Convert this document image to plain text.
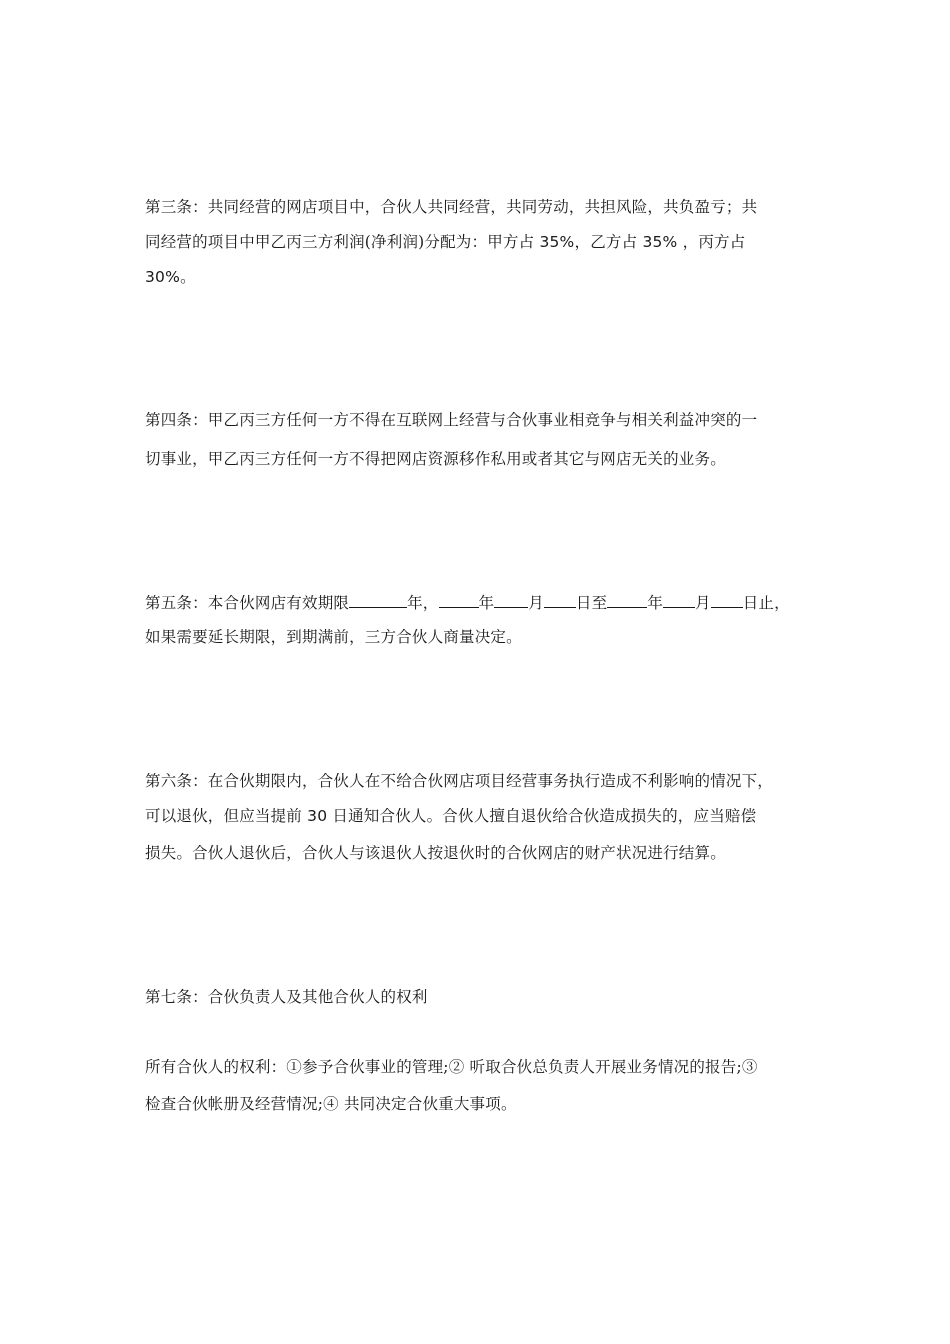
第三条：共同经营的网店项目中，合伙人共同经营，共同劳动，共担风险，共负盈亏；共
同经营的项目中甲乙丙三方利润(净利润)分配为：甲方占 35%，乙方占 35% ，丙方占
30%。
第四条：甲乙丙三方任何一方不得在互联网上经营与合伙事业相竞争与相关利益冲突的一
切事业，甲乙丙三方任何一方不得把网店资源移作私用或者其它与网店无关的业务。
第五条：本合伙网店有效期限	年，	年 月 日至	年 月 日止，
如果需要延长期限，到期满前，三方合伙人商量决定。
第六条：在合伙期限内，合伙人在不给合伙网店项目经营事务执行造成不利影响的情况下，
可以退伙，但应当提前 30 日通知合伙人。合伙人擅自退伙给合伙造成损失的，应当赔偿
损失。合伙人退伙后，合伙人与该退伙人按退伙时的合伙网店的财产状况进行结算。
第七条：合伙负责人及其他合伙人的权利
所有合伙人的权利：①参予合伙事业的管理;② 听取合伙总负责人开展业务情况的报告;③
检查合伙帐册及经营情况;④ 共同决定合伙重大事项。
